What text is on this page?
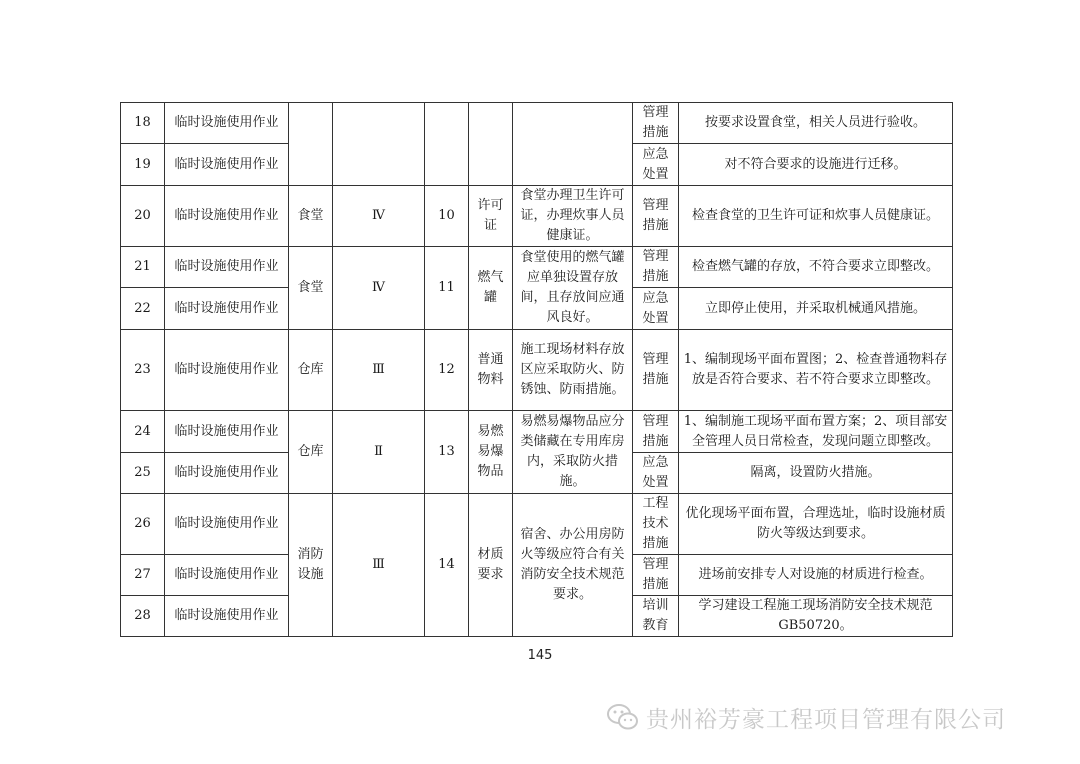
18	临时设施使用作业						管理措施	按要求设置食堂，相关人员进行验收。
19	临时设施使用作业						应急处置	对不符合要求的设施进行迁移。
20	临时设施使用作业	食堂	Ⅳ	10	许可证	食堂办理卫生许可证，办理炊事人员健康证。	管理措施	检查食堂的卫生许可证和炊事人员健康证。
21	临时设施使用作业	食堂	Ⅳ	11	燃气罐	食堂使用的燃气罐应单独设置存放间，且存放间应通风良好。	管理措施	检查燃气罐的存放，不符合要求立即整改。
22	临时设施使用作业						应急处置	立即停止使用，并采取机械通风措施。
23	临时设施使用作业	仓库	Ⅲ	12	普通物料	施工现场材料存放区应采取防火、防锈蚀、防雨措施。	管理措施	1、编制现场平面布置图；2、检查普通物料存放是否符合要求、若不符合要求立即整改。
24	临时设施使用作业	仓库	Ⅱ	13	易燃易爆物品	易燃易爆物品应分类储藏在专用库房内，采取防火措施。	管理措施	1、编制施工现场平面布置方案；2、项目部安全管理人员日常检查，发现问题立即整改。
25	临时设施使用作业						应急处置	隔离，设置防火措施。
26	临时设施使用作业	消防设施	Ⅲ	14	材质要求	宿舍、办公用房防火等级应符合有关消防安全技术规范要求。	工程技术措施	优化现场平面布置，合理选址，临时设施材质防火等级达到要求。
27	临时设施使用作业						管理措施	进场前安排专人对设施的材质进行检查。
28	临时设施使用作业						培训教育	学习建设工程施工现场消防安全技术规范GB50720。
145
贵州裕芳豪工程项目管理有限公司
